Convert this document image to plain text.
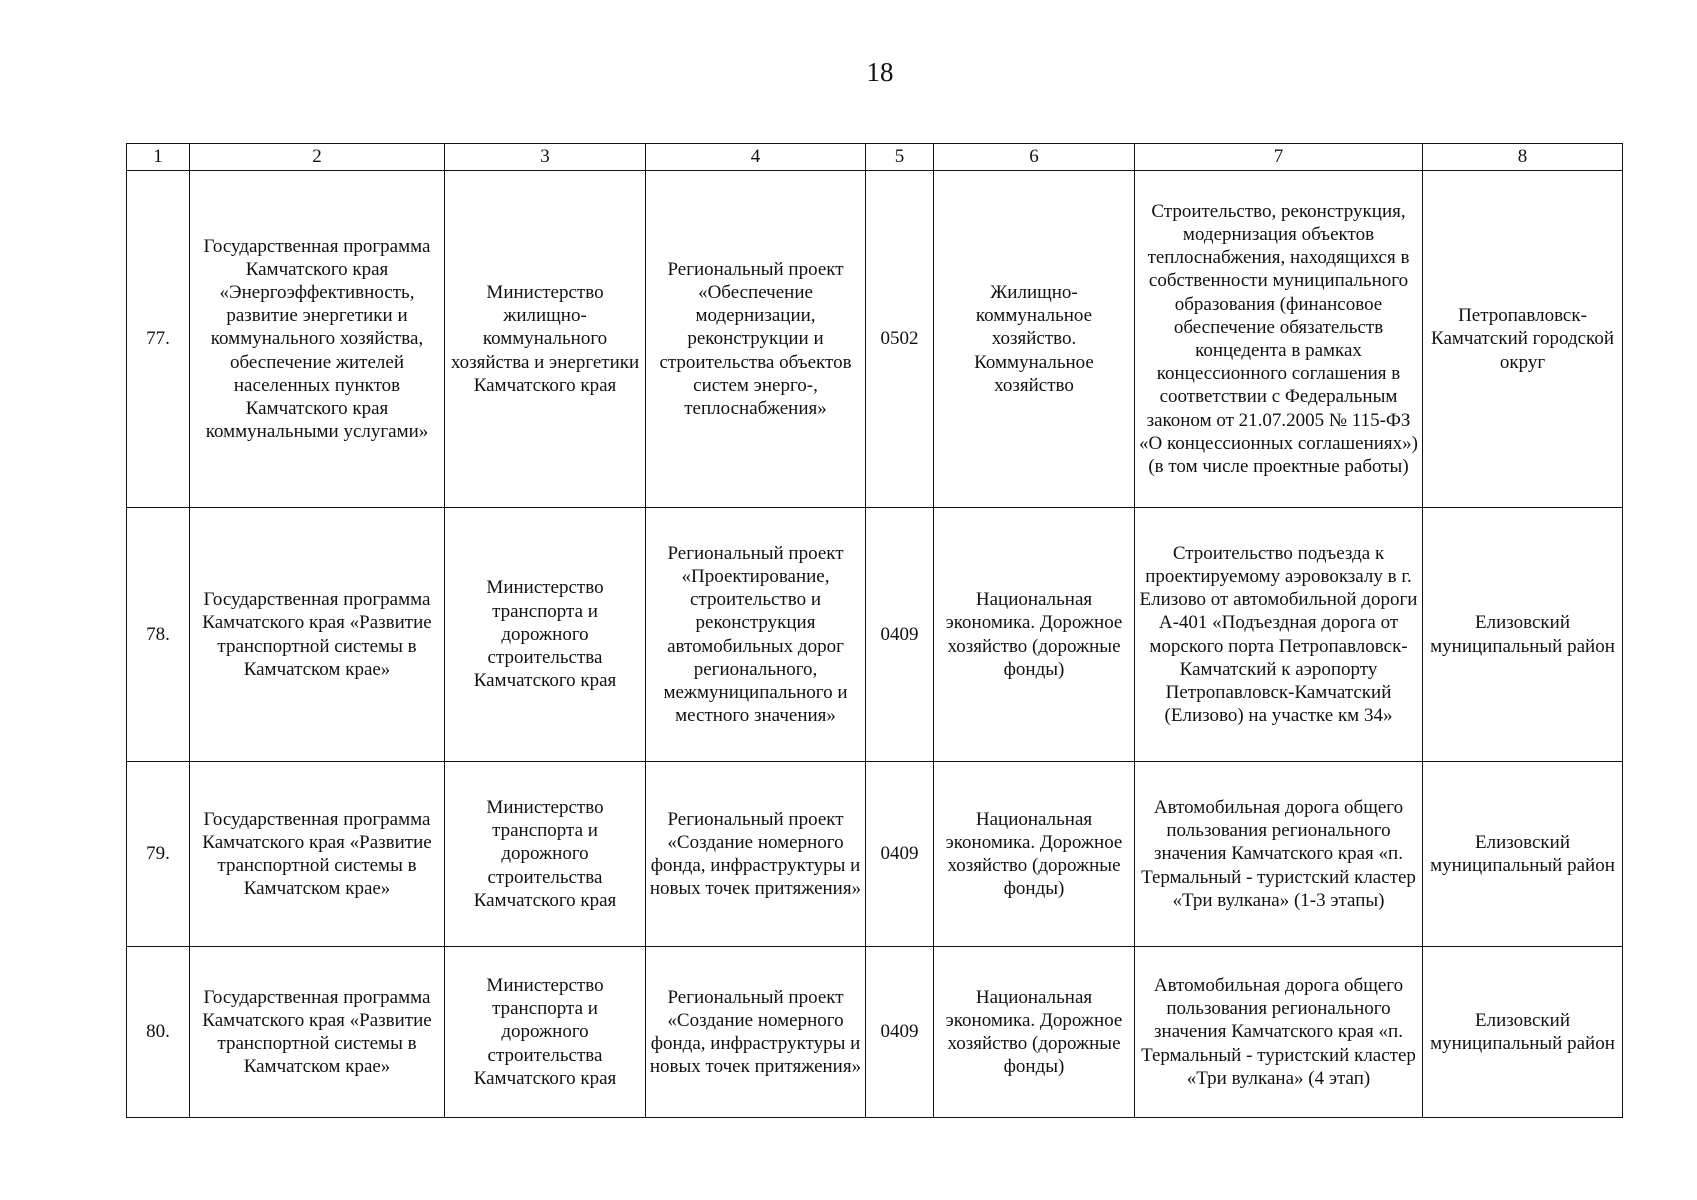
18
1	2	3	4	5	6	7	8
77.	Государственная программа Камчатского края «Энергоэффективность, развитие энергетики и коммунального хозяйства, обеспечение жителей населенных пунктов Камчатского края коммунальными услугами»	Министерство жилищно-коммунального хозяйства и энергетики Камчатского края	Региональный проект «Обеспечение модернизации, реконструкции и строительства объектов систем энерго-, теплоснабжения»	0502	Жилищно-коммунальное хозяйство. Коммунальное хозяйство	Строительство, реконструкция, модернизация объектов теплоснабжения, находящихся в собственности муниципального образования (финансовое обеспечение обязательств концедента в рамках концессионного соглашения в соответствии с Федеральным законом от 21.07.2005 № 115-ФЗ «О концессионных соглашениях») (в том числе проектные работы)	Петропавловск-Камчатский городской округ
78.	Государственная программа Камчатского края «Развитие транспортной системы в Камчатском крае»	Министерство транспорта и дорожного строительства Камчатского края	Региональный проект «Проектирование, строительство и реконструкция автомобильных дорог регионального, межмуниципального и местного значения»	0409	Национальная экономика. Дорожное хозяйство (дорожные фонды)	Строительство подъезда к проектируемому аэровокзалу в г. Елизово от автомобильной дороги А-401 «Подъездная дорога от морского порта Петропавловск-Камчатский к аэропорту Петропавловск-Камчатский (Елизово) на участке км 34»	Елизовский муниципальный район
79.	Государственная программа Камчатского края «Развитие транспортной системы в Камчатском крае»	Министерство транспорта и дорожного строительства Камчатского края	Региональный проект «Создание номерного фонда, инфраструктуры и новых точек притяжения»	0409	Национальная экономика. Дорожное хозяйство (дорожные фонды)	Автомобильная дорога общего пользования регионального значения Камчатского края «п. Термальный - туристский кластер «Три вулкана» (1-3 этапы)	Елизовский муниципальный район
80.	Государственная программа Камчатского края «Развитие транспортной системы в Камчатском крае»	Министерство транспорта и дорожного строительства Камчатского края	Региональный проект «Создание номерного фонда, инфраструктуры и новых точек притяжения»	0409	Национальная экономика. Дорожное хозяйство (дорожные фонды)	Автомобильная дорога общего пользования регионального значения Камчатского края «п. Термальный - туристский кластер «Три вулкана» (4 этап)	Елизовский муниципальный район
